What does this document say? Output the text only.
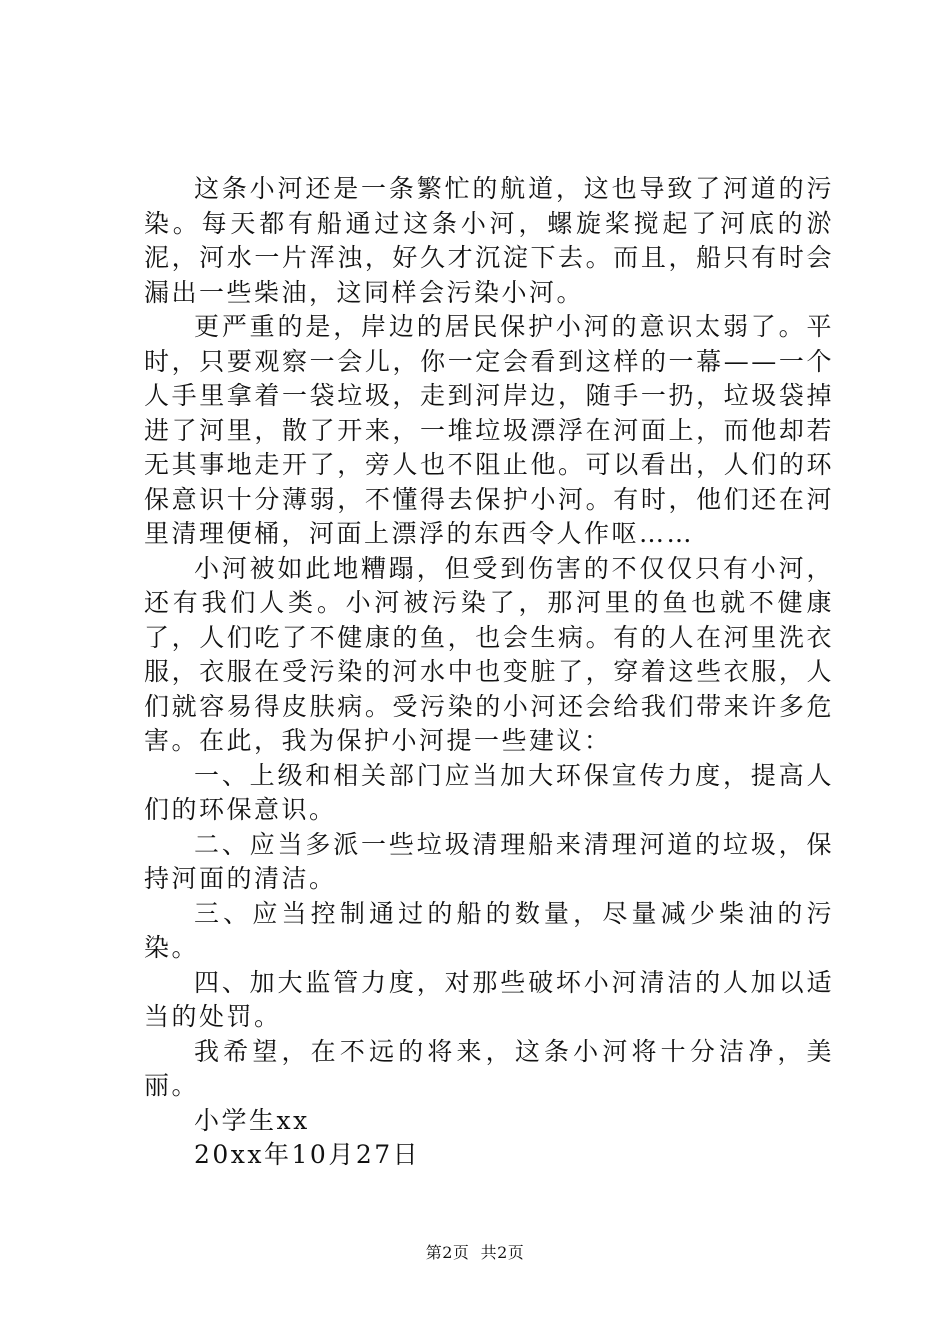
这条小河还是一条繁忙的航道，这也导致了河道的污染。每天都有船通过这条小河，螺旋桨搅起了河底的淤泥，河水一片浑浊，好久才沉淀下去。而且，船只有时会漏出一些柴油，这同样会污染小河。

更严重的是，岸边的居民保护小河的意识太弱了。平时，只要观察一会儿，你一定会看到这样的一幕——一个人手里拿着一袋垃圾，走到河岸边，随手一扔，垃圾袋掉进了河里，散了开来，一堆垃圾漂浮在河面上，而他却若无其事地走开了，旁人也不阻止他。可以看出，人们的环保意识十分薄弱，不懂得去保护小河。有时，他们还在河里清理便桶，河面上漂浮的东西令人作呕……

小河被如此地糟蹋，但受到伤害的不仅仅只有小河，还有我们人类。小河被污染了，那河里的鱼也就不健康了，人们吃了不健康的鱼，也会生病。有的人在河里洗衣服，衣服在受污染的河水中也变脏了，穿着这些衣服，人们就容易得皮肤病。受污染的小河还会给我们带来许多危害。在此，我为保护小河提一些建议：

一、上级和相关部门应当加大环保宣传力度，提高人们的环保意识。

二、应当多派一些垃圾清理船来清理河道的垃圾，保持河面的清洁。

三、应当控制通过的船的数量，尽量减少柴油的污染。

四、加大监管力度，对那些破坏小河清洁的人加以适当的处罚。

我希望，在不远的将来，这条小河将十分洁净，美丽。

小学生xx

20xx年10月27日

第2页  共2页
